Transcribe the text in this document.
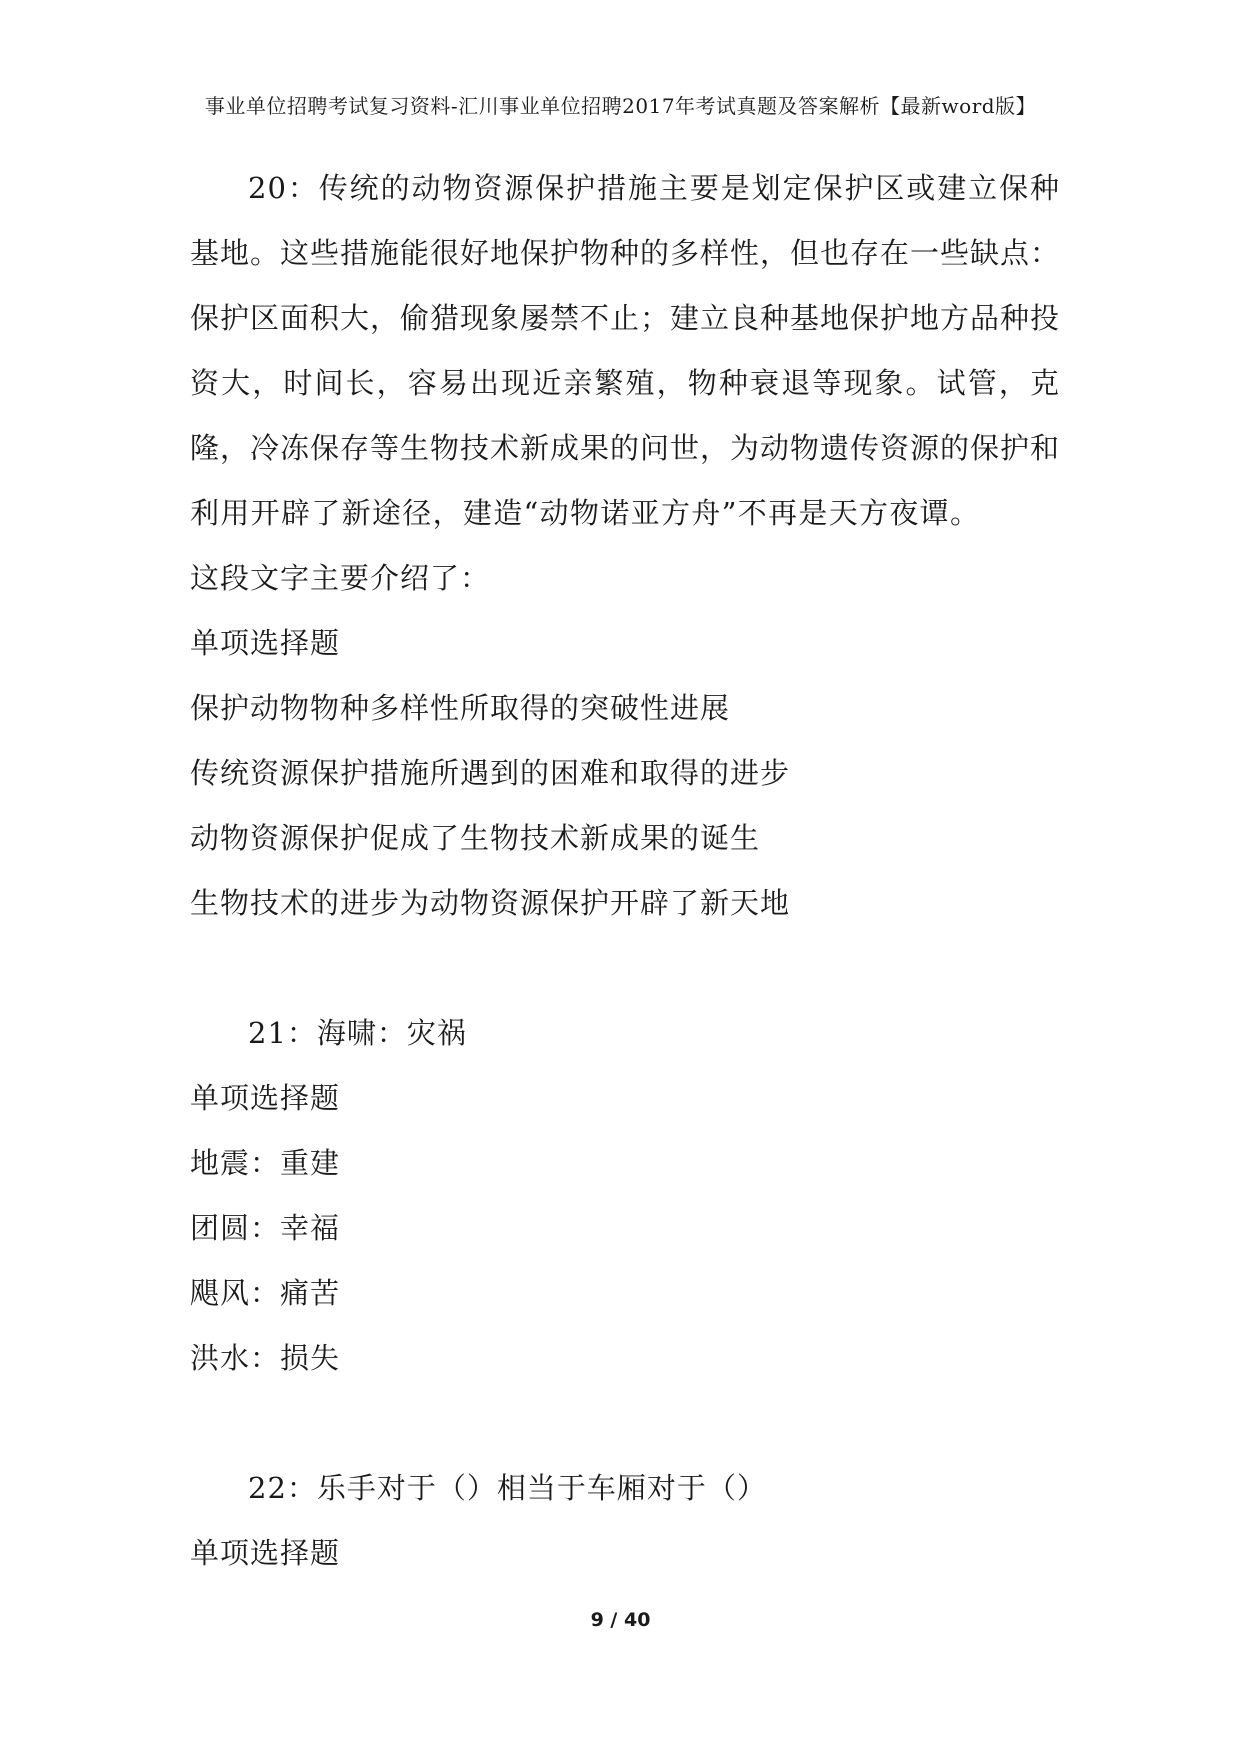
事业单位招聘考试复习资料-汇川事业单位招聘2017年考试真题及答案解析【最新word版】

20：传统的动物资源保护措施主要是划定保护区或建立保种基地。这些措施能很好地保护物种的多样性，但也存在一些缺点：保护区面积大，偷猎现象屡禁不止；建立良种基地保护地方品种投资大，时间长，容易出现近亲繁殖，物种衰退等现象。试管，克隆，冷冻保存等生物技术新成果的问世，为动物遗传资源的保护和利用开辟了新途径，建造“动物诺亚方舟”不再是天方夜谭。这段文字主要介绍了：

单项选择题
保护动物物种多样性所取得的突破性进展
传统资源保护措施所遇到的困难和取得的进步
动物资源保护促成了生物技术新成果的诞生
生物技术的进步为动物资源保护开辟了新天地

21：海啸：灾祸

单项选择题
地震：重建
团圆：幸福
飓风：痛苦
洪水：损失

22：乐手对于（）相当于车厢对于（）

单项选择题
9 / 40
